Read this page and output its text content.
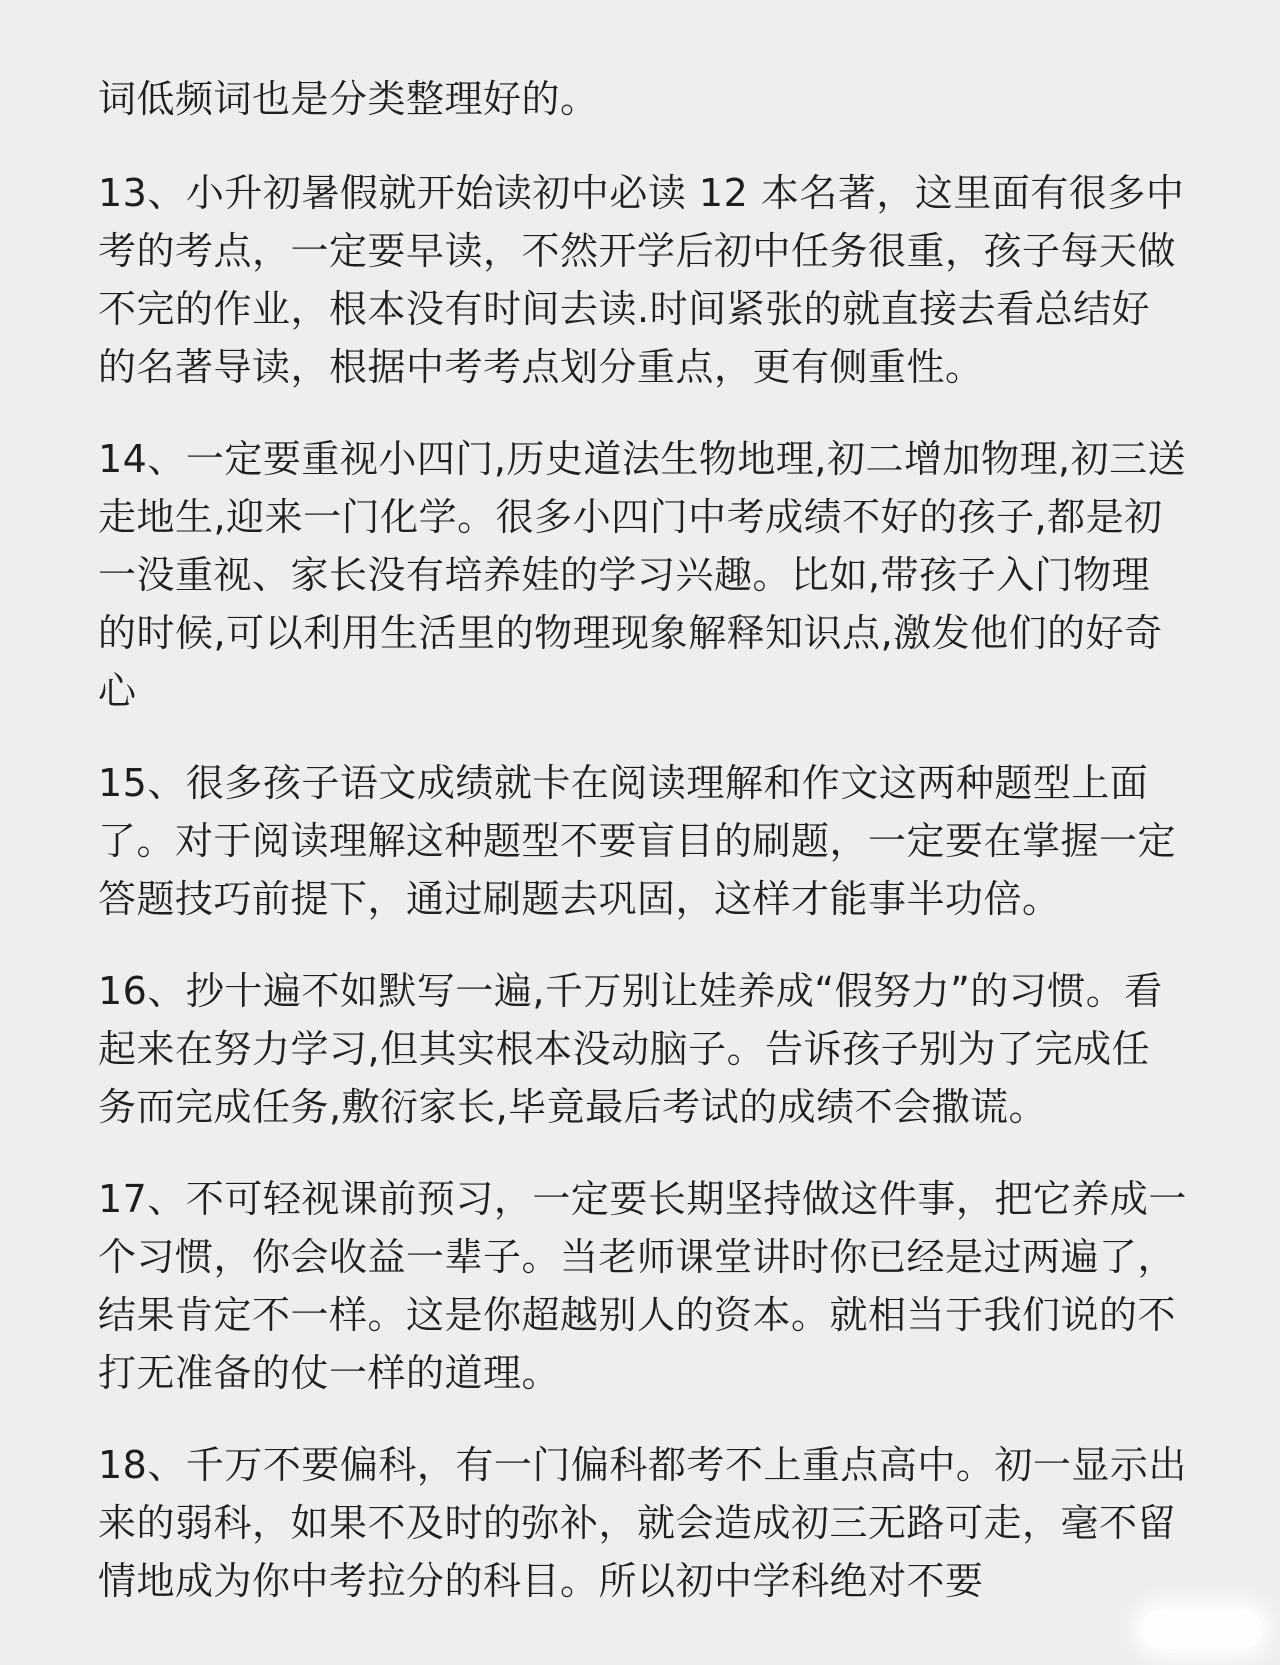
词低频词也是分类整理好的。

13、小升初暑假就开始读初中必读 12 本名著，这里面有很多中考的考点，一定要早读，不然开学后初中任务很重，孩子每天做不完的作业，根本没有时间去读.时间紧张的就直接去看总结好的名著导读，根据中考考点划分重点，更有侧重性。

14、一定要重视小四门,历史道法生物地理,初二增加物理,初三送走地生,迎来一门化学。很多小四门中考成绩不好的孩子,都是初一没重视、家长没有培养娃的学习兴趣。比如,带孩子入门物理的时候,可以利用生活里的物理现象解释知识点,激发他们的好奇心

15、很多孩子语文成绩就卡在阅读理解和作文这两种题型上面了。对于阅读理解这种题型不要盲目的刷题，一定要在掌握一定答题技巧前提下，通过刷题去巩固，这样才能事半功倍。

16、抄十遍不如默写一遍,千万别让娃养成“假努力”的习惯。看起来在努力学习,但其实根本没动脑子。告诉孩子别为了完成任务而完成任务,敷衍家长,毕竟最后考试的成绩不会撒谎。

17、不可轻视课前预习，一定要长期坚持做这件事，把它养成一个习惯，你会收益一辈子。当老师课堂讲时你已经是过两遍了，结果肯定不一样。这是你超越别人的资本。就相当于我们说的不打无准备的仗一样的道理。

18、千万不要偏科，有一门偏科都考不上重点高中。初一显示出来的弱科，如果不及时的弥补，就会造成初三无路可走，毫不留情地成为你中考拉分的科目。所以初中学科绝对不要
